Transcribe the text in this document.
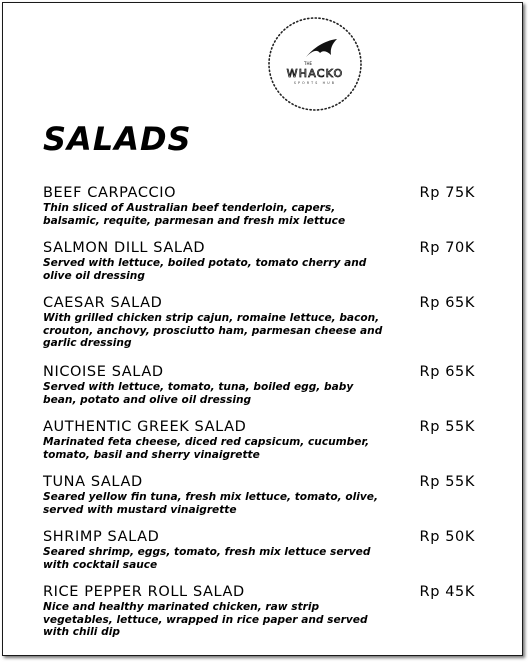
THE
WHACKO
SPORTS HUB
SALADS
BEEF CARPACCIO	Rp 75K
Thin sliced of Australian beef tenderloin, capers, balsamic, requite, parmesan and fresh mix lettuce
SALMON DILL SALAD	Rp 70K
Served with lettuce, boiled potato, tomato cherry and olive oil dressing
CAESAR SALAD	Rp 65K
With grilled chicken strip cajun, romaine lettuce, bacon, crouton, anchovy, prosciutto ham, parmesan cheese and garlic dressing
NICOISE SALAD	Rp 65K
Served with lettuce, tomato, tuna, boiled egg, baby bean, potato and olive oil dressing
AUTHENTIC GREEK SALAD	Rp 55K
Marinated feta cheese, diced red capsicum, cucumber, tomato, basil and sherry vinaigrette
TUNA SALAD	Rp 55K
Seared yellow fin tuna, fresh mix lettuce, tomato, olive, served with mustard vinaigrette
SHRIMP SALAD	Rp 50K
Seared shrimp, eggs, tomato, fresh mix lettuce served with cocktail sauce
RICE PEPPER ROLL SALAD	Rp 45K
Nice and healthy marinated chicken, raw strip vegetables, lettuce, wrapped in rice paper and served with chili dip
